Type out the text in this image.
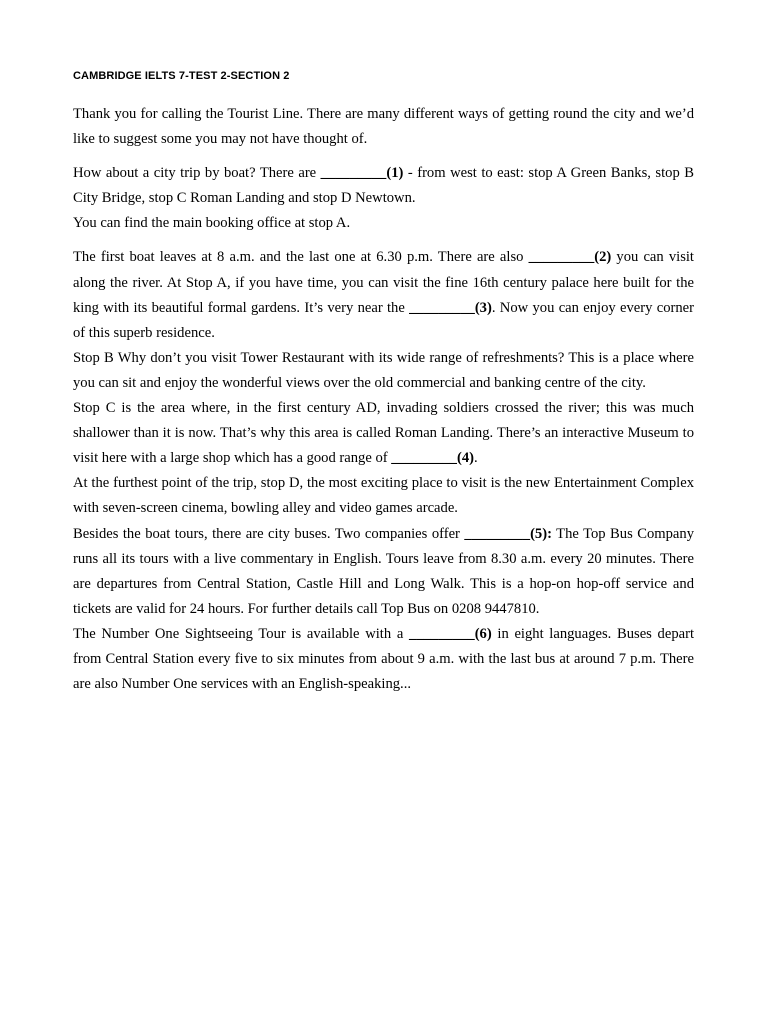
CAMBRIDGE IELTS 7-TEST 2-SECTION 2

Thank you for calling the Tourist Line. There are many different ways of getting round the city and we’d like to suggest some you may not have thought of.

How about a city trip by boat? There are _________(1) - from west to east: stop A Green Banks, stop B City Bridge, stop C Roman Landing and stop D Newtown.

You can find the main booking office at stop A.

The first boat leaves at 8 a.m. and the last one at 6.30 p.m. There are also _________(2) you can visit along the river. At Stop A, if you have time, you can visit the fine 16th century palace here built for the king with its beautiful formal gardens. It’s very near the _________(3). Now you can enjoy every corner of this superb residence.

Stop B Why don’t you visit Tower Restaurant with its wide range of refreshments? This is a place where you can sit and enjoy the wonderful views over the old commercial and banking centre of the city.

Stop C is the area where, in the first century AD, invading soldiers crossed the river; this was much shallower than it is now. That’s why this area is called Roman Landing. There’s an interactive Museum to visit here with a large shop which has a good range of _________(4).

At the furthest point of the trip, stop D, the most exciting place to visit is the new Entertainment Complex with seven-screen cinema, bowling alley and video games arcade.

Besides the boat tours, there are city buses. Two companies offer _________(5): The Top Bus Company runs all its tours with a live commentary in English. Tours leave from 8.30 a.m. every 20 minutes. There are departures from Central Station, Castle Hill and Long Walk. This is a hop-on hop-off service and tickets are valid for 24 hours. For further details call Top Bus on 0208 9447810.

The Number One Sightseeing Tour is available with a _________(6) in eight languages. Buses depart from Central Station every five to six minutes from about 9 a.m. with the last bus at around 7 p.m. There are also Number One services with an English-speaking...
